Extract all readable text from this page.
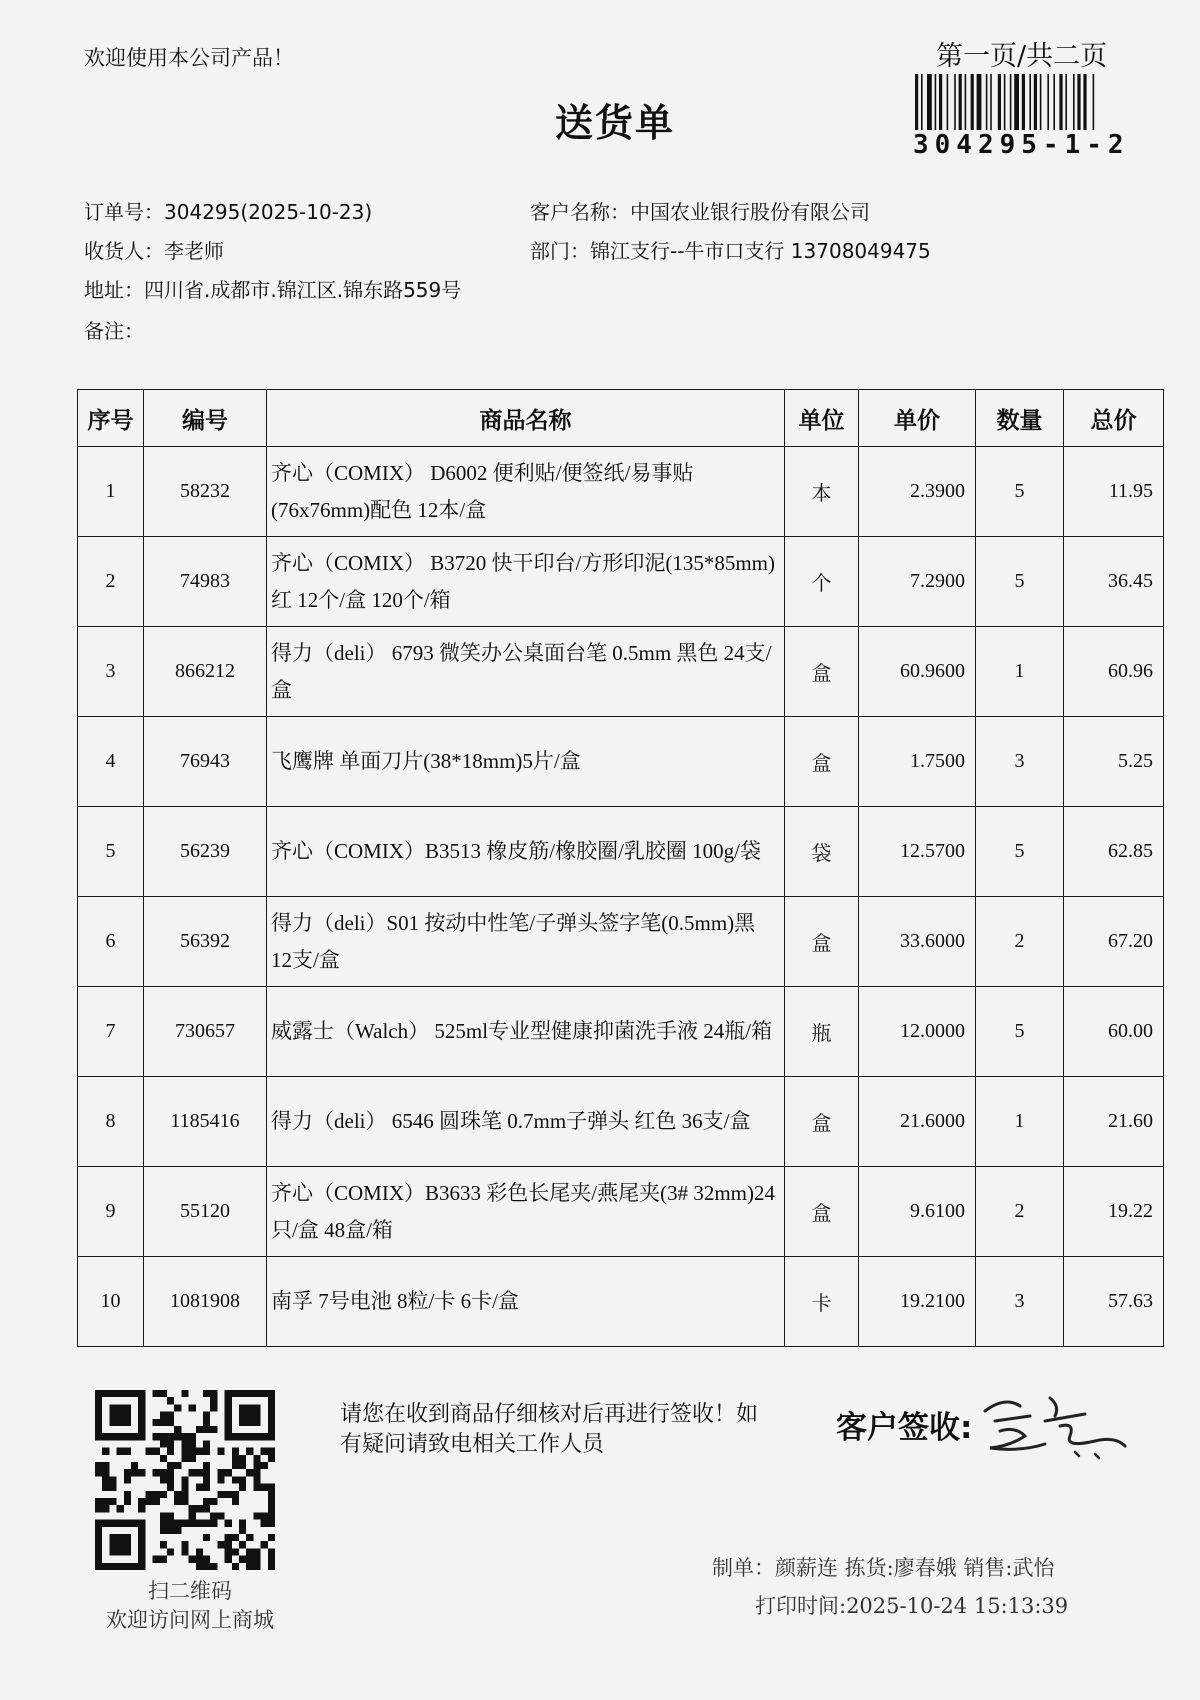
欢迎使用本公司产品！
送货单
第一页/共二页
304295-1-2
订单号：304295(2025-10-23)	客户名称：中国农业银行股份有限公司
收货人：李老师	部门：锦江支行--牛市口支行 13708049475
地址：四川省.成都市.锦江区.锦东路559号
备注：
序号	编号	商品名称	单位	单价	数量	总价
1	58232	齐心（COMIX） D6002 便利贴/便签纸/易事贴(76x76mm)配色 12本/盒	本	2.3900	5	11.95
2	74983	齐心（COMIX） B3720 快干印台/方形印泥(135*85mm)红 12个/盒 120个/箱	个	7.2900	5	36.45
3	866212	得力（deli） 6793 微笑办公桌面台笔 0.5mm 黑色 24支/盒	盒	60.9600	1	60.96
4	76943	飞鹰牌 单面刀片(38*18mm)5片/盒	盒	1.7500	3	5.25
5	56239	齐心（COMIX）B3513 橡皮筋/橡胶圈/乳胶圈 100g/袋	袋	12.5700	5	62.85
6	56392	得力（deli）S01 按动中性笔/子弹头签字笔(0.5mm)黑 12支/盒	盒	33.6000	2	67.20
7	730657	威露士（Walch） 525ml专业型健康抑菌洗手液 24瓶/箱	瓶	12.0000	5	60.00
8	1185416	得力（deli） 6546 圆珠笔 0.7mm子弹头 红色 36支/盒	盒	21.6000	1	21.60
9	55120	齐心（COMIX）B3633 彩色长尾夹/燕尾夹(3# 32mm)24只/盒 48盒/箱	盒	9.6100	2	19.22
10	1081908	南孚 7号电池 8粒/卡 6卡/盒	卡	19.2100	3	57.63
扫二维码
欢迎访问网上商城
请您在收到商品仔细核对后再进行签收！如有疑问请致电相关工作人员	客户签收:
制单：颜薪连 拣货:廖春娥 销售:武怡
打印时间:2025-10-24 15:13:39
